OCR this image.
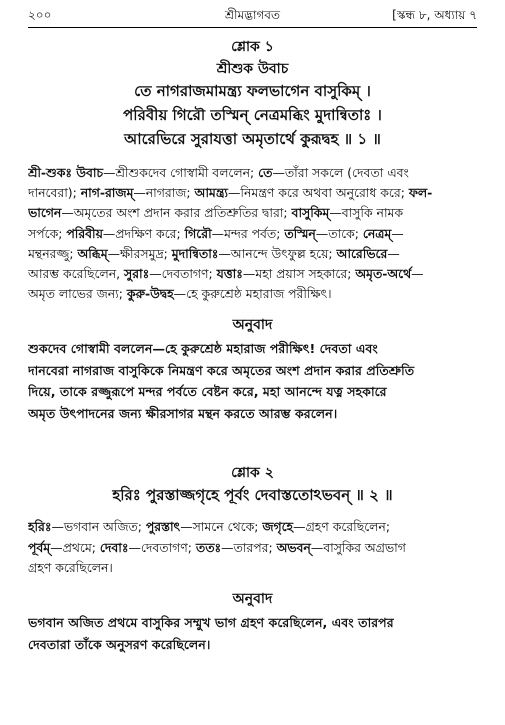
২০০	শ্রীমদ্ভাগবত	[স্কন্ধ ৮, অধ্যায় ৭
শ্লোক ১
শ্রীশুক উবাচ
তে নাগরাজমামন্ত্র্য ফলভাগেন বাসুকিম্ ।
পরিবীয় গিরৌ তস্মিন্ নেত্রমব্ধিং মুদান্বিতাঃ ।
আরেভিরে সুরাযত্তা অমৃতার্থে কুরূদ্বহ ॥ ১ ॥
শ্রী-শুকঃ উবাচ—শ্রীশুকদেব গোস্বামী বললেন; তে—তাঁরা সকলে (দেবতা এবং
দানবেরা); নাগ-রাজম্—নাগরাজ; আমন্ত্র্য—নিমন্ত্রণ করে অথবা অনুরোধ করে; ফল-
ভাগেন—অমৃতের অংশ প্রদান করার প্রতিশ্রুতির দ্বারা; বাসুকিম্—বাসুকি নামক
সর্পকে; পরিবীয়—প্রদক্ষিণ করে; গিরৌ—মন্দর পর্বত; তস্মিন্—তাকে; নেত্রম্—
মন্থনরজ্জু; অব্ধিম্—ক্ষীরসমুদ্র; মুদান্বিতাঃ—আনন্দে উৎফুল্ল হয়ে; আরেভিরে—
আরম্ভ করেছিলেন, সুরাঃ—দেবতাগণ; যত্তাঃ—মহা প্রয়াস সহকারে; অমৃত-অর্থে—
অমৃত লাভের জন্য; কুরু-উদ্বহ—হে কুরুশ্রেষ্ঠ মহারাজ পরীক্ষিৎ।
অনুবাদ
শুকদেব গোস্বামী বললেন—হে কুরুশ্রেষ্ঠ মহারাজ পরীক্ষিৎ! দেবতা এবং
দানবেরা নাগরাজ বাসুকিকে নিমন্ত্রণ করে অমৃতের অংশ প্রদান করার প্রতিশ্রুতি
দিয়ে, তাকে রজ্জুরূপে মন্দর পর্বতে বেষ্টন করে, মহা আনন্দে যত্ন সহকারে
অমৃত উৎপাদনের জন্য ক্ষীরসাগর মন্থন করতে আরম্ভ করলেন।
শ্লোক ২
হরিঃ পুরস্তাজ্জগৃহে পূর্বং দেবাস্ততোঽভবন্ ॥ ২ ॥
হরিঃ—ভগবান অজিত; পুরস্তাৎ—সামনে থেকে; জগৃহে—গ্রহণ করেছিলেন;
পূর্বম্—প্রথমে; দেবাঃ—দেবতাগণ; ততঃ—তারপর; অভবন্—বাসুকির অগ্রভাগ
গ্রহণ করেছিলেন।
অনুবাদ
ভগবান অজিত প্রথমে বাসুকির সম্মুখ ভাগ গ্রহণ করেছিলেন, এবং তারপর
দেবতারা তাঁকে অনুসরণ করেছিলেন।
